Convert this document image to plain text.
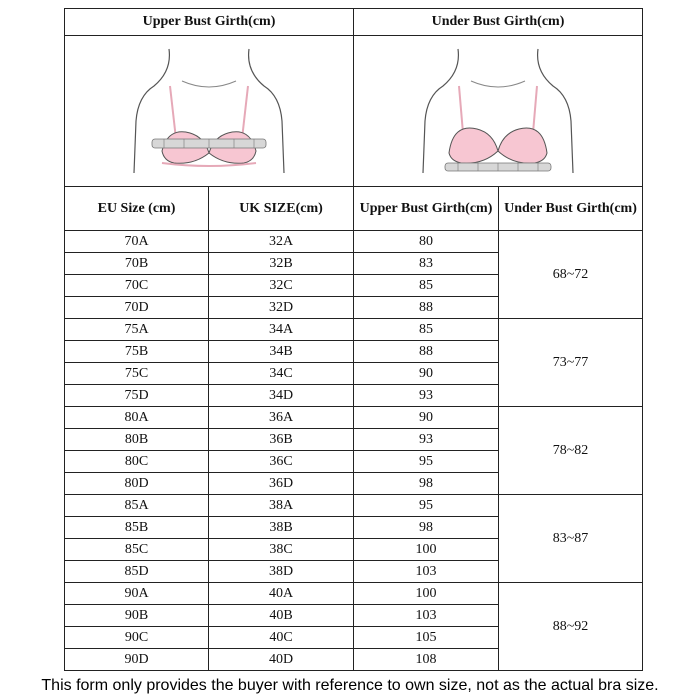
Upper Bust Girth(cm)	Under Bust Girth(cm)

EU Size (cm)	UK SIZE(cm)	Upper Bust Girth(cm)	Under Bust Girth(cm)
70A	32A	80	68~72
70B	32B	83	
70C	32C	85	
70D	32D	88	
75A	34A	85	73~77
75B	34B	88	
75C	34C	90	
75D	34D	93	
80A	36A	90	78~82
80B	36B	93	
80C	36C	95	
80D	36D	98	
85A	38A	95	83~87
85B	38B	98	
85C	38C	100	
85D	38D	103	
90A	40A	100	88~92
90B	40B	103	
90C	40C	105	
90D	40D	108	
This form only provides the buyer with reference to own size, not as the actual bra size.
